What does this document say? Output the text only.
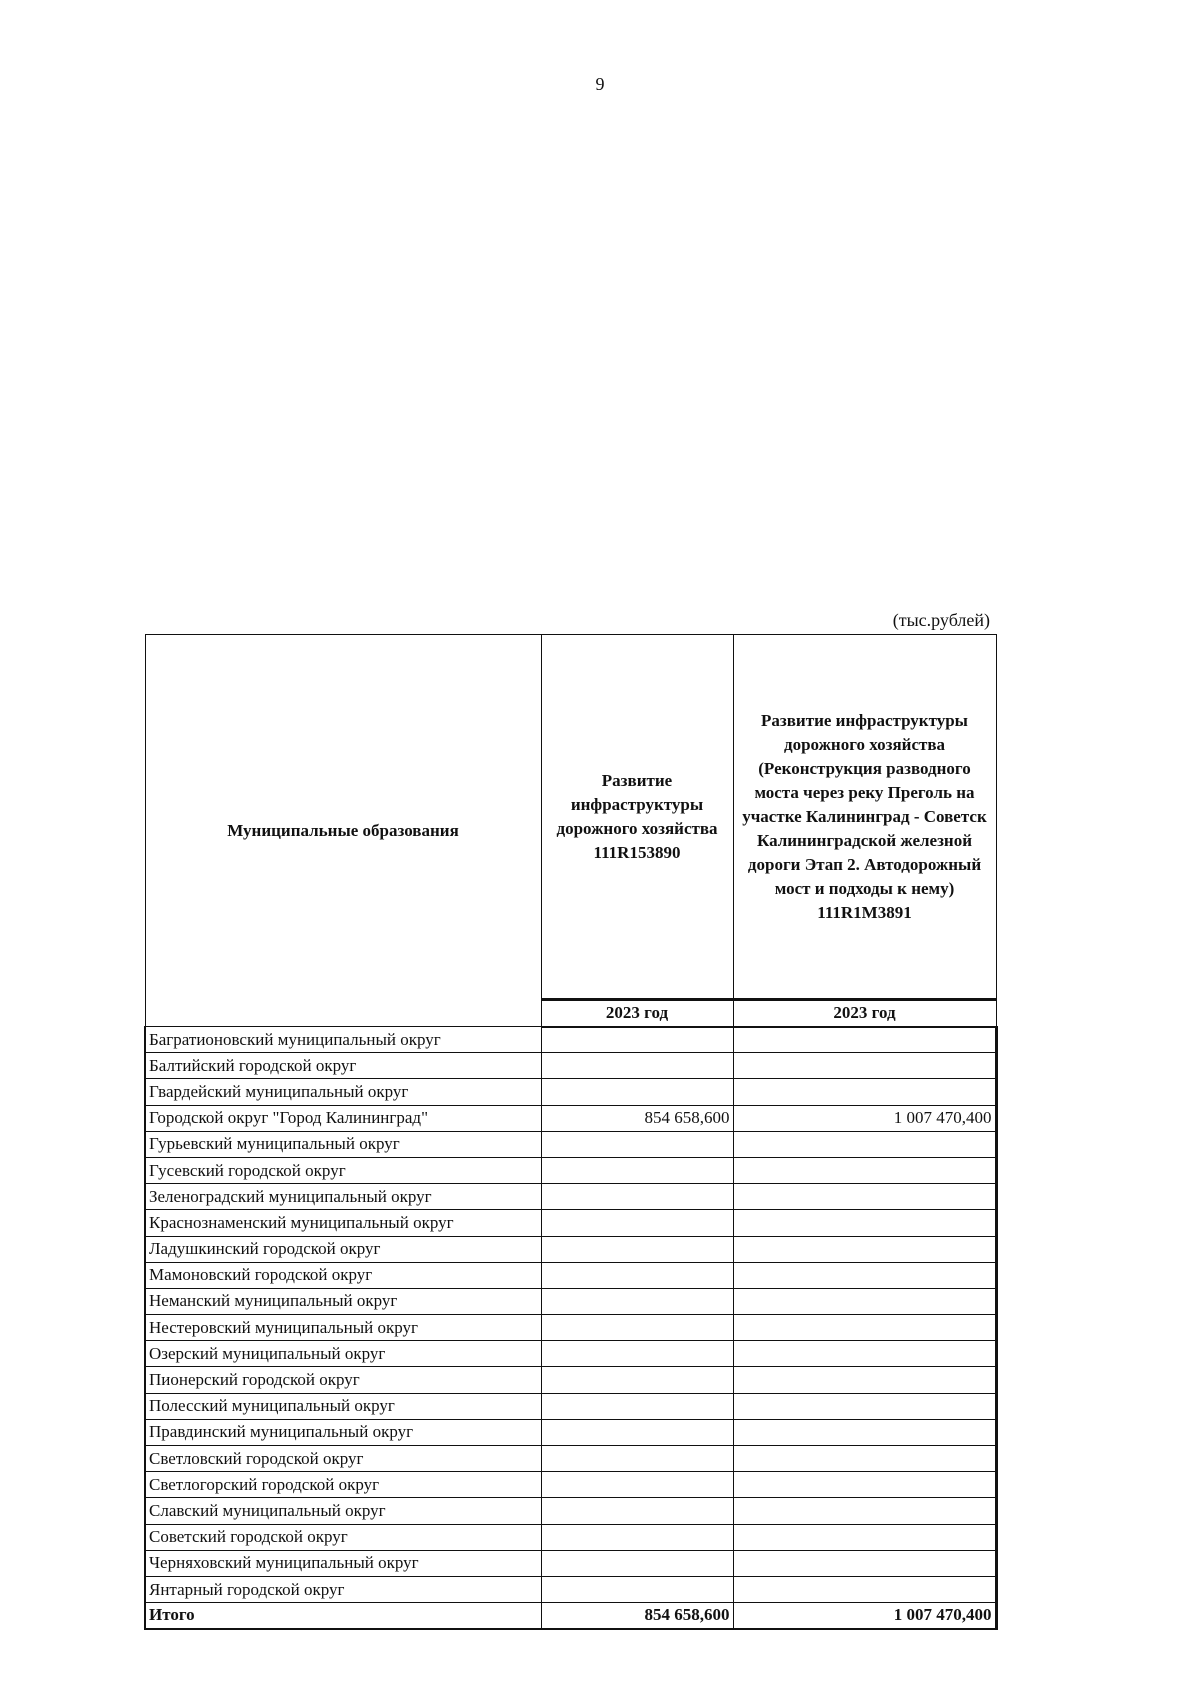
9
(тыс.рублей)
Муниципальные образования	Развитие инфраструктуры дорожного хозяйства 111R153890	Развитие инфраструктуры дорожного хозяйства (Реконструкция разводного моста через реку Преголь на участке Калининград - Советск Калининградской железной дороги Этап 2. Автодорожный мост и подходы к нему) 111R1M3891
	2023 год	2023 год
Багратионовский муниципальный округ		
Балтийский городской округ		
Гвардейский муниципальный округ		
Городской округ "Город Калининград"	854 658,600	1 007 470,400
Гурьевский муниципальный округ		
Гусевский городской округ		
Зеленоградский муниципальный округ		
Краснознаменский муниципальный округ		
Ладушкинский городской округ		
Мамоновский городской округ		
Неманский муниципальный округ		
Нестеровский муниципальный округ		
Озерский муниципальный округ		
Пионерский городской округ		
Полесский муниципальный округ		
Правдинский муниципальный округ		
Светловский городской округ		
Светлогорский городской округ		
Славский муниципальный округ		
Советский городской округ		
Черняховский муниципальный округ		
Янтарный городской округ		
Итого	854 658,600	1 007 470,400
